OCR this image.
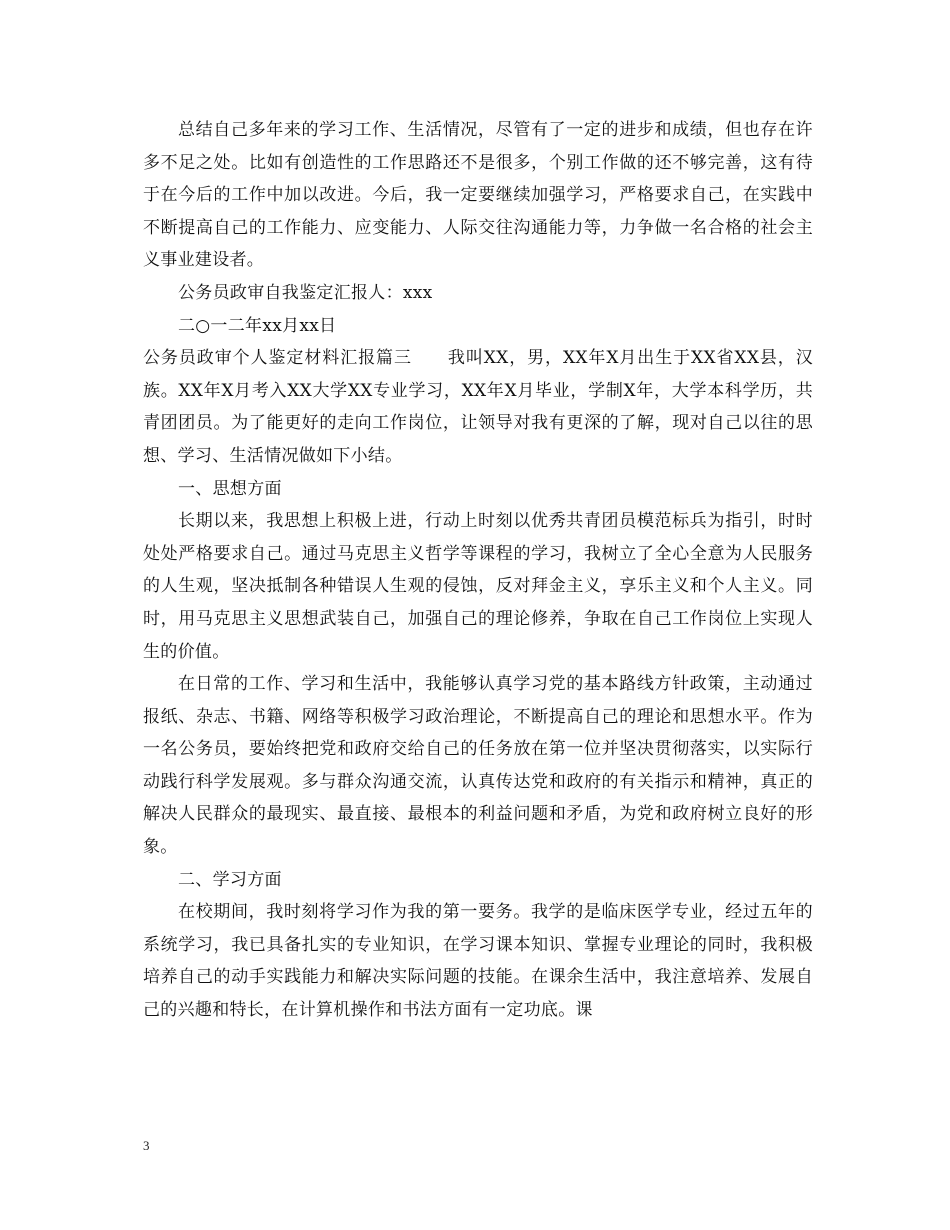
总结自己多年来的学习工作、生活情况，尽管有了一定的进步和成绩，但也存在许多不足之处。比如有创造性的工作思路还不是很多，个别工作做的还不够完善，这有待于在今后的工作中加以改进。今后，我一定要继续加强学习，严格要求自己，在实践中不断提高自己的工作能力、应变能力、人际交往沟通能力等，力争做一名合格的社会主义事业建设者。

公务员政审自我鉴定汇报人：xxx

二○一二年xx月xx日

公务员政审个人鉴定材料汇报篇三 我叫XX，男，XX年X月出生于XX省XX县，汉族。XX年X月考入XX大学XX专业学习，XX年X月毕业，学制X年，大学本科学历，共青团团员。为了能更好的走向工作岗位，让领导对我有更深的了解，现对自己以往的思想、学习、生活情况做如下小结。

一、思想方面

长期以来，我思想上积极上进，行动上时刻以优秀共青团员模范标兵为指引，时时处处严格要求自己。通过马克思主义哲学等课程的学习，我树立了全心全意为人民服务的人生观，坚决抵制各种错误人生观的侵蚀，反对拜金主义，享乐主义和个人主义。同时，用马克思主义思想武装自己，加强自己的理论修养，争取在自己工作岗位上实现人生的价值。

在日常的工作、学习和生活中，我能够认真学习党的基本路线方针政策，主动通过报纸、杂志、书籍、网络等积极学习政治理论，不断提高自己的理论和思想水平。作为一名公务员，要始终把党和政府交给自己的任务放在第一位并坚决贯彻落实，以实际行动践行科学发展观。多与群众沟通交流，认真传达党和政府的有关指示和精神，真正的解决人民群众的最现实、最直接、最根本的利益问题和矛盾，为党和政府树立良好的形象。

二、学习方面

在校期间，我时刻将学习作为我的第一要务。我学的是临床医学专业，经过五年的系统学习，我已具备扎实的专业知识，在学习课本知识、掌握专业理论的同时，我积极培养自己的动手实践能力和解决实际问题的技能。在课余生活中，我注意培养、发展自己的兴趣和特长，在计算机操作和书法方面有一定功底。课

3
